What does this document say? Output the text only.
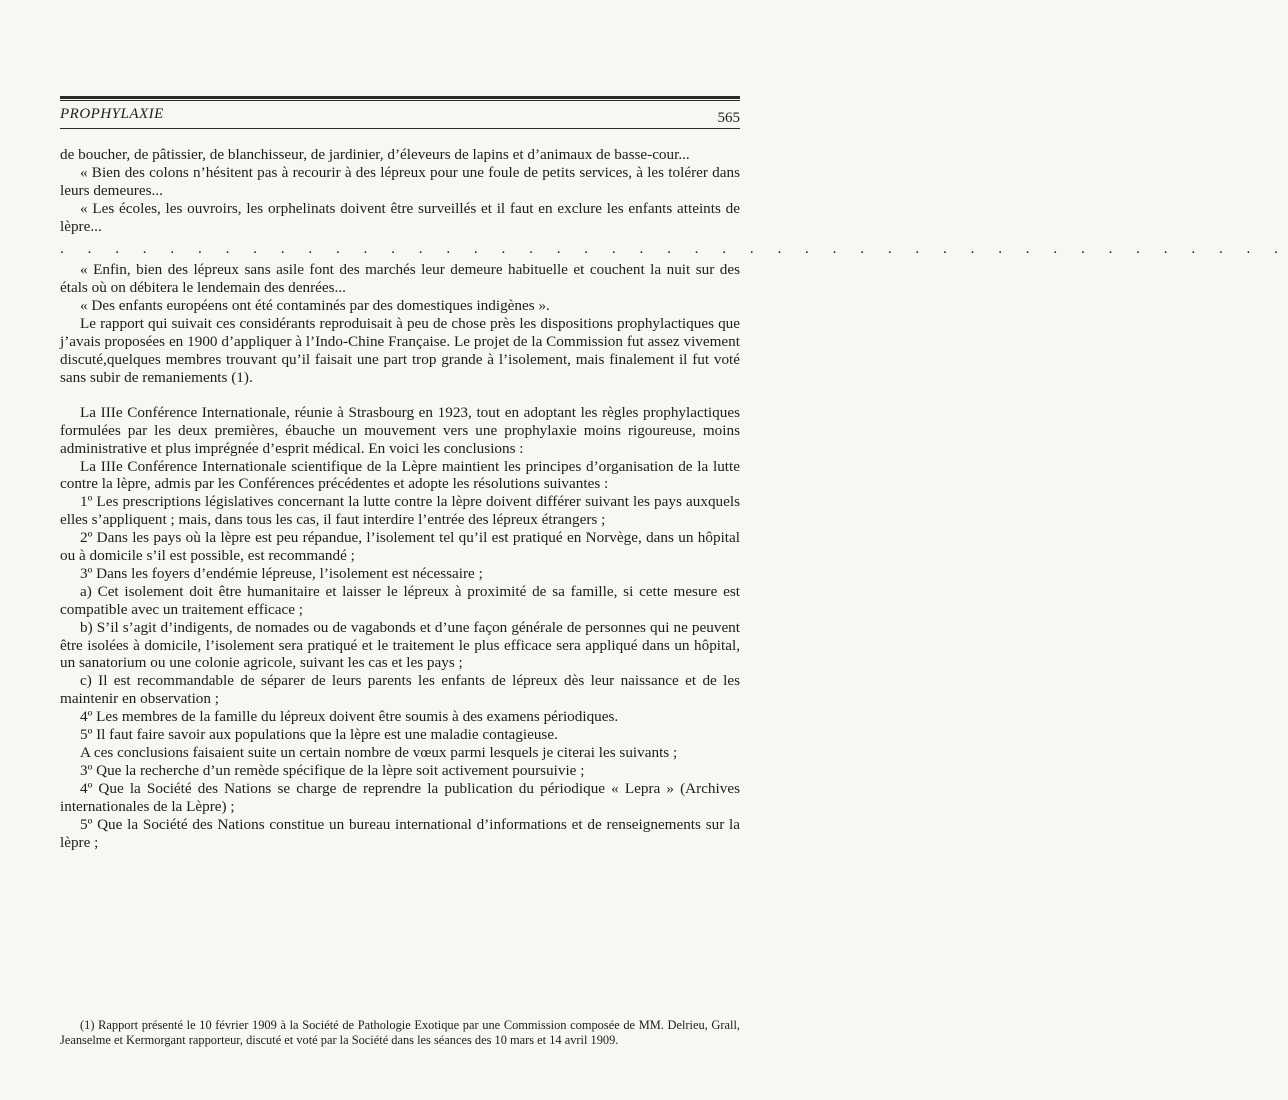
PROPHYLAXIE	565

de boucher, de pâtissier, de blanchisseur, de jardinier, d’éleveurs de lapins et d’animaux de basse-cour...

« Bien des colons n’hésitent pas à recourir à des lépreux pour une foule de petits services, à les tolérer dans leurs demeures...

« Les écoles, les ouvroirs, les orphelinats doivent être surveillés et il faut en exclure les enfants atteints de lèpre...

. . . . . . . . . . . . . . . . . . . . . . . . . . . . . . . . . . . . . . . . . . . . .

« Enfin, bien des lépreux sans asile font des marchés leur demeure habituelle et couchent la nuit sur des étals où on débitera le lendemain des denrées...

« Des enfants européens ont été contaminés par des domestiques indigènes ».

Le rapport qui suivait ces considérants reproduisait à peu de chose près les dispositions prophylactiques que j’avais proposées en 1900 d’appliquer à l’Indo-Chine Française. Le projet de la Commission fut assez vivement discuté,quelques membres trouvant qu’il faisait une part trop grande à l’isolement, mais finalement il fut voté sans subir de remaniements (1).

La IIIe Conférence Internationale, réunie à Strasbourg en 1923, tout en adoptant les règles prophylactiques formulées par les deux premières, ébauche un mouvement vers une prophylaxie moins rigoureuse, moins administrative et plus imprégnée d’esprit médical. En voici les conclusions :

La IIIe Conférence Internationale scientifique de la Lèpre maintient les principes d’organisation de la lutte contre la lèpre, admis par les Conférences précédentes et adopte les résolutions suivantes :

1º Les prescriptions législatives concernant la lutte contre la lèpre doivent différer suivant les pays auxquels elles s’appliquent ; mais, dans tous les cas, il faut interdire l’entrée des lépreux étrangers ;

2º Dans les pays où la lèpre est peu répandue, l’isolement tel qu’il est pratiqué en Norvège, dans un hôpital ou à domicile s’il est possible, est recommandé ;

3º Dans les foyers d’endémie lépreuse, l’isolement est nécessaire ;

a) Cet isolement doit être humanitaire et laisser le lépreux à proximité de sa famille, si cette mesure est compatible avec un traitement efficace ;

b) S’il s’agit d’indigents, de nomades ou de vagabonds et d’une façon générale de personnes qui ne peuvent être isolées à domicile, l’isolement sera pratiqué et le traitement le plus efficace sera appliqué dans un hôpital, un sanatorium ou une colonie agricole, suivant les cas et les pays ;

c) Il est recommandable de séparer de leurs parents les enfants de lépreux dès leur naissance et de les maintenir en observation ;

4º Les membres de la famille du lépreux doivent être soumis à des examens périodiques.

5º Il faut faire savoir aux populations que la lèpre est une maladie contagieuse.

A ces conclusions faisaient suite un certain nombre de vœux parmi lesquels je citerai les suivants ;

3º Que la recherche d’un remède spécifique de la lèpre soit activement poursuivie ;

4º Que la Société des Nations se charge de reprendre la publication du périodique « Lepra » (Archives internationales de la Lèpre) ;

5º Que la Société des Nations constitue un bureau international d’informations et de renseignements sur la lèpre ;

(1) Rapport présenté le 10 février 1909 à la Société de Pathologie Exotique par une Commission composée de MM. Delrieu, Grall, Jeanselme et Kermorgant rapporteur, discuté et voté par la Société dans les séances des 10 mars et 14 avril 1909.
